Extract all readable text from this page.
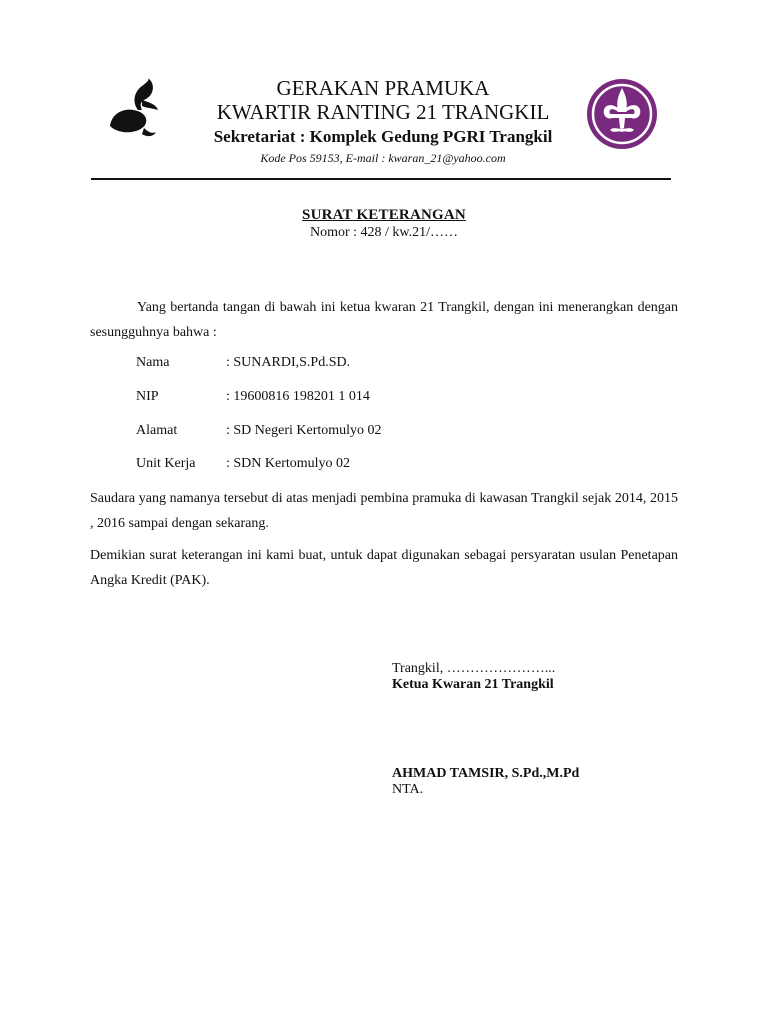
GERAKAN PRAMUKA
KWARTIR RANTING 21 TRANGKIL
Sekretariat : Komplek Gedung PGRI Trangkil
Kode Pos 59153, E-mail : kwaran_21@yahoo.com
SURAT KETERANGAN
Nomor : 428 / kw.21/……
Yang bertanda tangan di bawah ini ketua kwaran 21 Trangkil, dengan ini menerangkan dengan sesungguhnya bahwa :
Nama	: SUNARDI,S.Pd.SD.
NIP	: 19600816 198201 1 014
Alamat	: SD Negeri Kertomulyo 02
Unit Kerja : SDN Kertomulyo 02
Saudara yang namanya tersebut di atas menjadi pembina pramuka di kawasan Trangkil sejak 2014, 2015 , 2016 sampai dengan sekarang.
Demikian surat keterangan ini kami buat, untuk dapat digunakan sebagai persyaratan usulan Penetapan Angka Kredit (PAK).
Trangkil, …………………...
Ketua Kwaran 21 Trangkil
AHMAD TAMSIR, S.Pd.,M.Pd
NTA.
